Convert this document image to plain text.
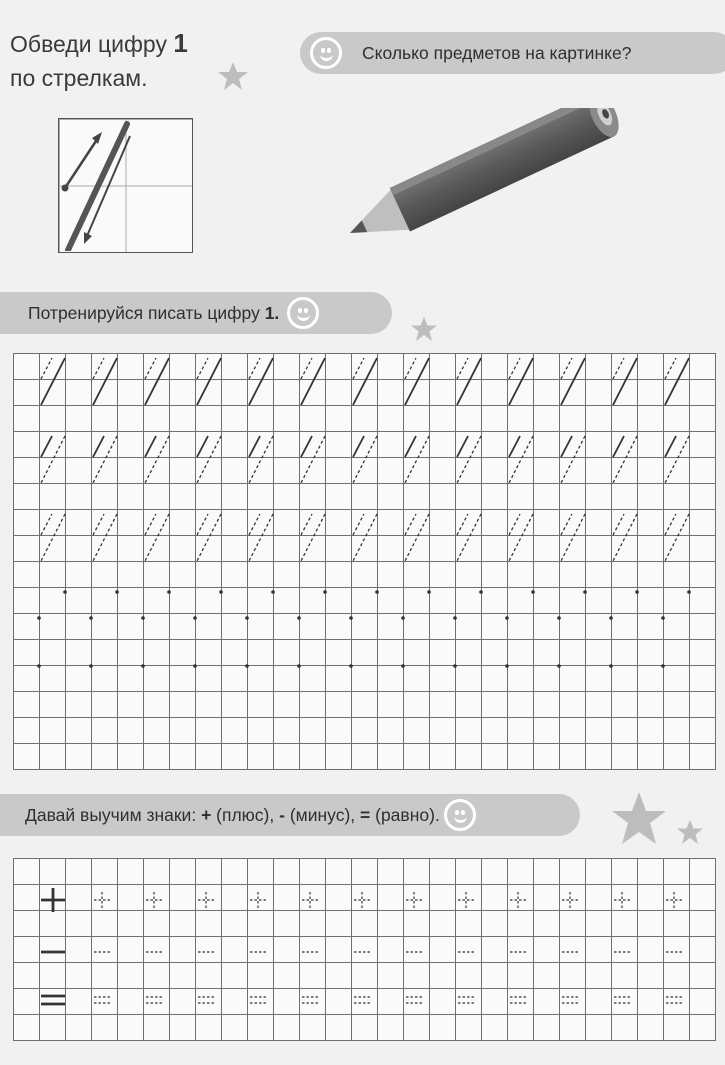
Обведи цифру 1
по стрелкам.
Сколько предметов на картинке?
Потренируйся писать цифру
1.
Давай выучим знаки:
+
(плюс),
-
(минус),
=
(равно).
